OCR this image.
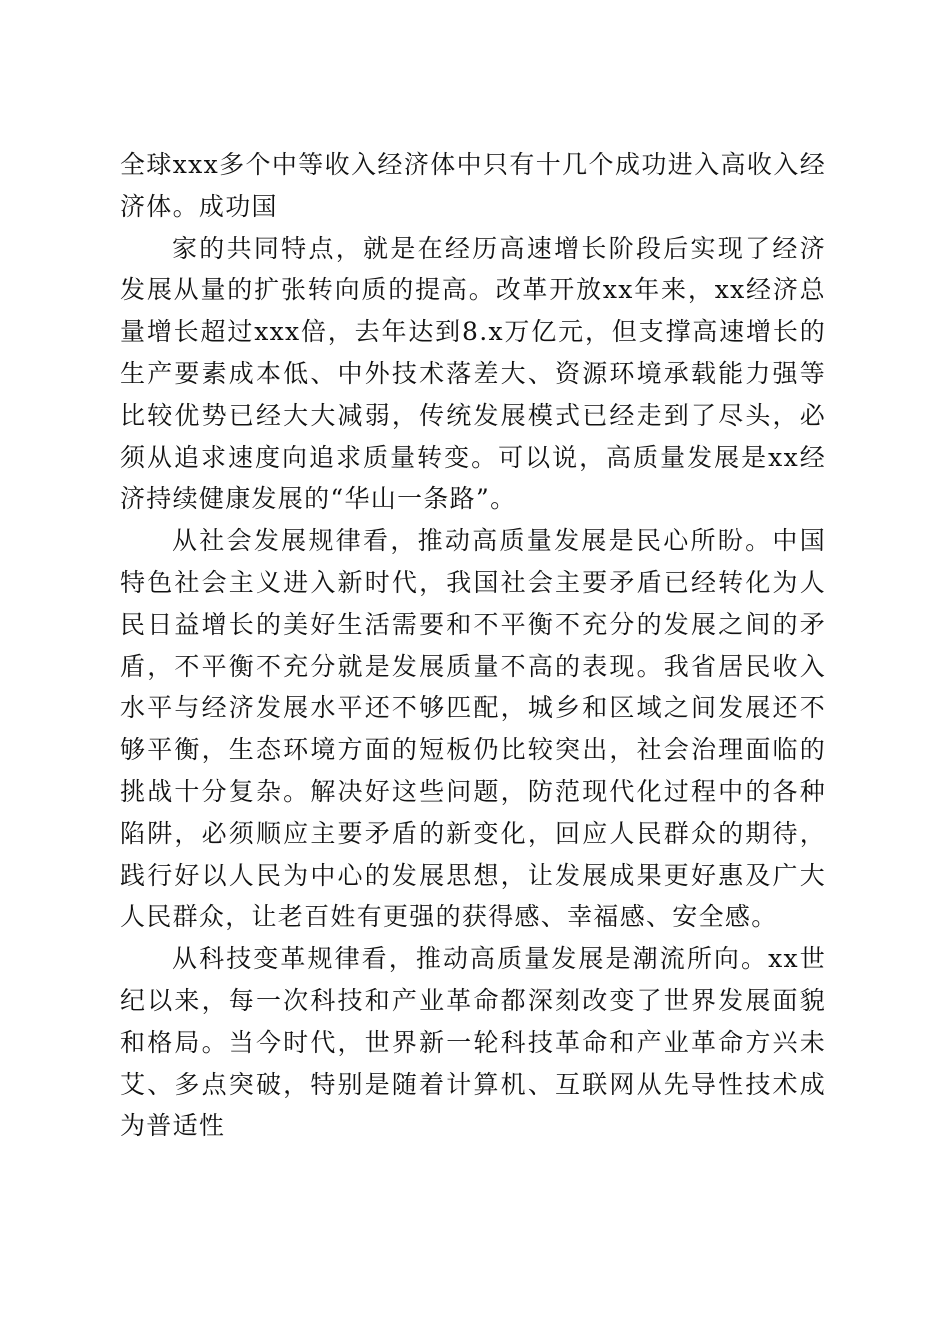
全球xxx多个中等收入经济体中只有十几个成功进入高收入经济体。成功国

家的共同特点，就是在经历高速增长阶段后实现了经济发展从量的扩张转向质的提高。改革开放xx年来，xx经济总量增长超过xxx倍，去年达到8.x万亿元，但支撑高速增长的生产要素成本低、中外技术落差大、资源环境承载能力强等比较优势已经大大减弱，传统发展模式已经走到了尽头，必须从追求速度向追求质量转变。可以说，高质量发展是xx经济持续健康发展的“华山一条路”。

从社会发展规律看，推动高质量发展是民心所盼。中国特色社会主义进入新时代，我国社会主要矛盾已经转化为人民日益增长的美好生活需要和不平衡不充分的发展之间的矛盾，不平衡不充分就是发展质量不高的表现。我省居民收入水平与经济发展水平还不够匹配，城乡和区域之间发展还不够平衡，生态环境方面的短板仍比较突出，社会治理面临的挑战十分复杂。解决好这些问题，防范现代化过程中的各种陷阱，必须顺应主要矛盾的新变化，回应人民群众的期待，践行好以人民为中心的发展思想，让发展成果更好惠及广大人民群众，让老百姓有更强的获得感、幸福感、安全感。

从科技变革规律看，推动高质量发展是潮流所向。xx世纪以来，每一次科技和产业革命都深刻改变了世界发展面貌和格局。当今时代，世界新一轮科技革命和产业革命方兴未艾、多点突破，特别是随着计算机、互联网从先导性技术成为普适性
